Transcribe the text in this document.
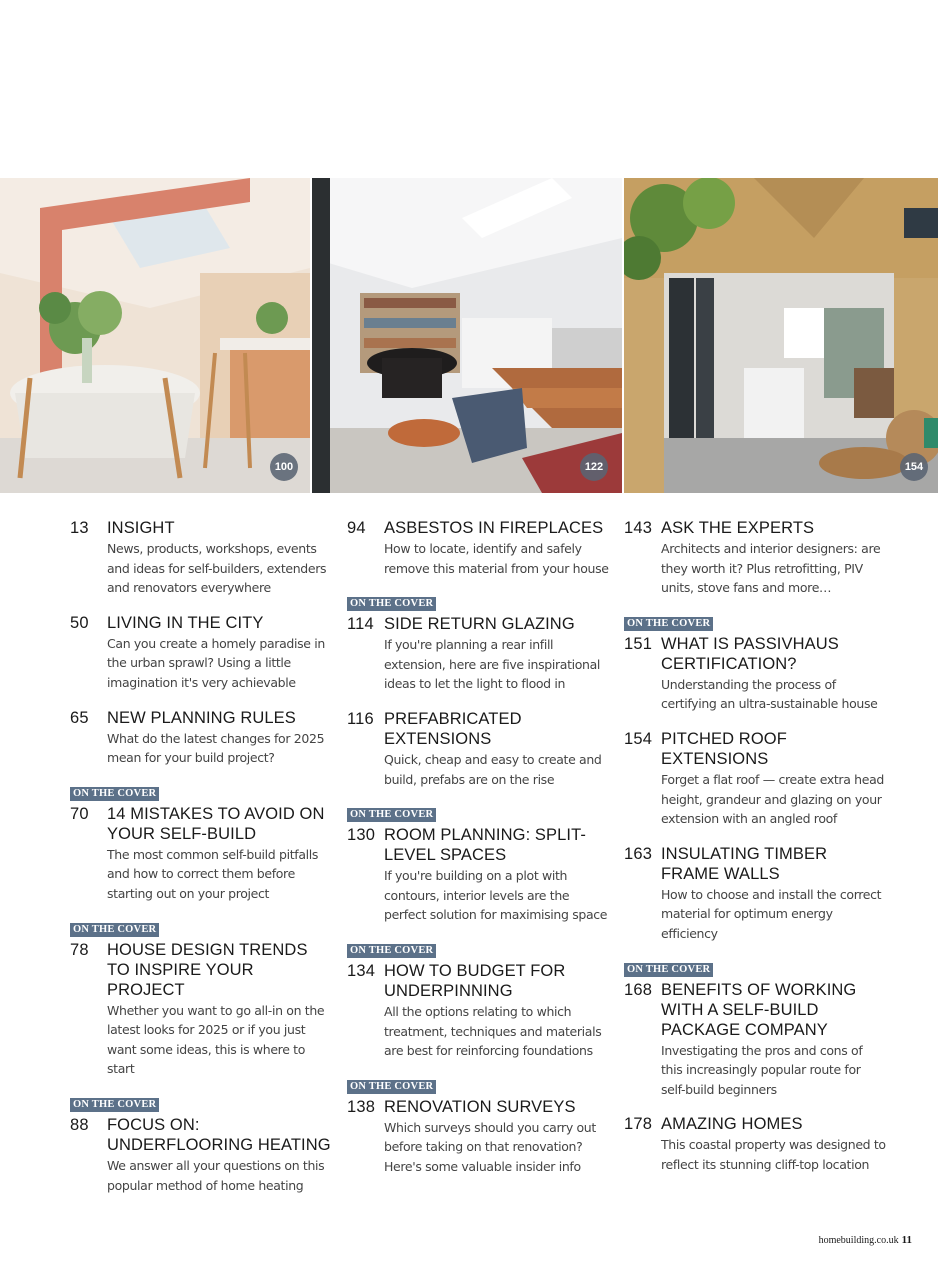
100	122	154
13	INSIGHT
News, products, workshops, events and ideas for self-builders, extenders and renovators everywhere
50	LIVING IN THE CITY
Can you create a homely paradise in the urban sprawl? Using a little imagination it's very achievable
65	NEW PLANNING RULES
What do the latest changes for 2025 mean for your build project?
ON THE COVER
70	14 MISTAKES TO AVOID ON YOUR SELF-BUILD
The most common self-build pitfalls and how to correct them before starting out on your project
ON THE COVER
78	HOUSE DESIGN TRENDS TO INSPIRE YOUR PROJECT
Whether you want to go all-in on the latest looks for 2025 or if you just want some ideas, this is where to start
ON THE COVER
88	FOCUS ON: UNDERFLOORING HEATING
We answer all your questions on this popular method of home heating
94	ASBESTOS IN FIREPLACES
How to locate, identify and safely remove this material from your house
ON THE COVER
114 SIDE RETURN GLAZING
If you're planning a rear infill extension, here are five inspirational ideas to let the light to flood in
116 PREFABRICATED EXTENSIONS
Quick, cheap and easy to create and build, prefabs are on the rise
ON THE COVER
130 ROOM PLANNING: SPLIT-LEVEL SPACES
If you're building on a plot with contours, interior levels are the perfect solution for maximising space
ON THE COVER
134 HOW TO BUDGET FOR UNDERPINNING
All the options relating to which treatment, techniques and materials are best for reinforcing foundations
ON THE COVER
138 RENOVATION SURVEYS
Which surveys should you carry out before taking on that renovation? Here's some valuable insider info
143 ASK THE EXPERTS
Architects and interior designers: are they worth it? Plus retrofitting, PIV units, stove fans and more…
ON THE COVER
151 WHAT IS PASSIVHAUS CERTIFICATION?
Understanding the process of certifying an ultra-sustainable house
154 PITCHED ROOF EXTENSIONS
Forget a flat roof — create extra head height, grandeur and glazing on your extension with an angled roof
163 INSULATING TIMBER FRAME WALLS
How to choose and install the correct material for optimum energy efficiency
ON THE COVER
168 BENEFITS OF WORKING WITH A SELF-BUILD PACKAGE COMPANY
Investigating the pros and cons of this increasingly popular route for self-build beginners
178 AMAZING HOMES
This coastal property was designed to reflect its stunning cliff-top location
homebuilding.co.uk 11
